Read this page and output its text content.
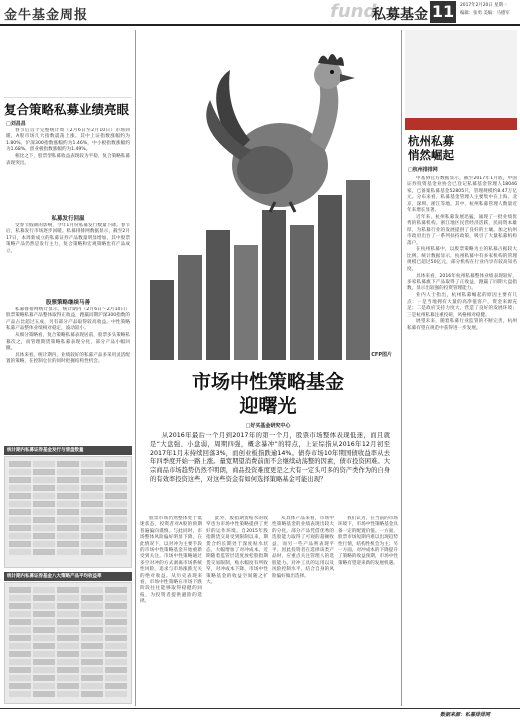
金牛基金周报	fund
私募基金 11	2017年2月20日 星期一
编辑：张勇 美编：马德军
复合策略私募业绩亮眼
□刘昌昌

春节后首个完整统计周（2月6日至2月10日）市场回暖，A股市场几大指数震荡上涨。其中上证指数涨幅约为1.80%，沪深300指数涨幅约为1.46%，中小板指数涨幅约为1.68%，创业板指数涨幅约为1.49%。

相比之下，股票型私募收益表现较为平稳，复合策略私募表现突出。

私募发行回温

受春节假期的影响，今年1月份私募发行数量下降。春节后，私募发行市场逐步回暖。私募排排网数据显示，截至2月17日，本周新成立的私募证券产品数量明显增加，其中股票策略产品仍然是发行主力，复合策略和宏观策略也有产品成立。

股票策略继续马善

私募排排网统计显示，统计期内（2月6日～2月10日）股票策略私募产品整体取得正收益，跑赢同期沪深300指数的产品占比超过五成，另有部分产品取得较高收益。中性策略私募产品整体业绩相对稳定，波动较小。

从细分策略看，复合策略私募表现居前，股票多头策略私募次之，而管理期货策略私募表现分化，部分产品小幅回撤。

具体来看，统计期内，业绩较好的私募产品多采用灵活配置的策略，在控制仓位的同时把握结构性机会。

统计期内私募证券基金发行与清盘数量
统计期内私募证券基金八大策略产品平均收益率
数据来源：私募排排网
CFP图片
市场中性策略基金
迎曙光
□好买基金研究中心
从2016年最后一个月到2017年的第一个月，股票市场整体表现低迷，而且就是“大盘强、小盘弱，周期四强，概念暴冲”的特点，上证综指从2016年12月初至2017年1月末持续回落3%，而创业板指跌逾14%。债券市场10年期国债收益率从去年四季度开始一路上涨。量宽期望消费前面不会继续动荡整的因素，债市投资困难。大宗商品市场趋势仍然不明朗，商品投资难度更是之大有一定头可多的资产类作为的自身的有效率投资这些，对这些资金有如何选择策略基金可能出现？

股票市场仍然整体处于低迷状态，投资者对A股的预期普遍偏向谨慎。与此同时，市场整体风险偏好明显下降，在此情况下，以对冲为主要手段的市场中性策略基金开始重新受到关注。市场中性策略通过多空对冲的方式剥离市场系统性风险，追求与市场涨跌无关的绝对收益。从历史表现来看，市场中性策略在市场下跌阶段往往能够取得稳健的回报，为投资者提供避险的选择。

此外，股指期货贴水的收窄也为市场中性策略提供了更好的运作环境。自2015年股指期货交易受到限制以来，期货合约长期处于深度贴水状态，大幅增加了对冲成本。近期随着监管层适度放松股指期货交易限制，贴水幅度有所收窄，对冲成本下降，市场中性策略基金的收益空间随之扩大。

从具体产品来看，市场中性策略基金的业绩表现出较大的分化。部分产品凭借优秀的选股能力取得了可观的超额收益，而另一些产品则表现平平。因此投资者在选择该类产品时，应重点关注管理人的选股能力、对冲工具的运用以及风险控制水平，结合自身的风险偏好做出选择。

我们认为，在当前的市场环境下，市场中性策略基金具备一定的配置价值。一方面，股票市场短期内难以出现趋势性行情，结构性机会为主；另一方面，对冲成本的下降提升了策略的收益预期，市场中性策略有望迎来新的发展机遇。

杭州私募
悄然崛起
□杭州排排网

中基协官方数据显示，截至2017年1月底，中国证券投资基金业协会已登记私募基金管理人18046家，已备案私募基金52805只，管理规模约8.47万亿元。分布来看，私募基金管理人主要集中在上海、北京、深圳、浙江等地。其中，杭州私募管理人数量近年来增长显著。

近年来，杭州私募发展迅猛，涌现了一批业绩优秀的私募机构。浙江地区民营经济活跃，民间资本雄厚，为私募行业的发展提供了良好的土壤。加之杭州市政府出台了一系列扶持政策，吸引了大量私募机构落户。

在杭州私募中，以股票策略为主的私募占据较大比例。统计数据显示，杭州私募中有多家机构的管理规模已超过50亿元，部分机构在行业内享有较高知名度。

具体来看，2016年杭州私募整体业绩表现较好，多家私募旗下产品取得了正收益，跑赢了同期大盘指数，显示出较强的投资管理能力。

业内人士指出，杭州私募崛起的原因主要有几点：一是当地拥有大量的高净值客户，资金来源充足；二是政府支持力度大，营造了良好的发展环境；三是杭州私募注重投研，风格相对稳健。

展望未来，随着私募行业监管的不断完善，杭州私募有望在规范中获得进一步发展。
